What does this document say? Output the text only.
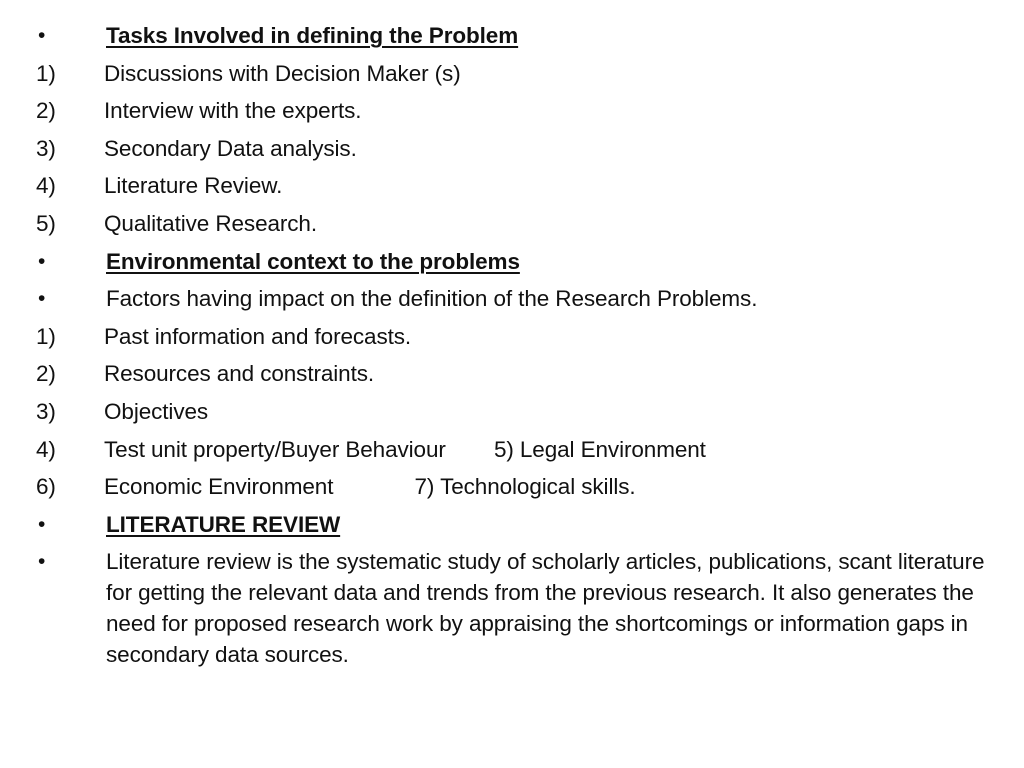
•	Tasks Involved in defining the Problem
1)	Discussions with Decision Maker (s)
2)	Interview with the experts.
3)	Secondary Data analysis.
4)	Literature Review.
5)	Qualitative Research.
•	Environmental context to the problems
•	Factors having impact on the definition of the Research Problems.
1)	Past information and forecasts.
2)	Resources and constraints.
3)	Objectives
4)	Test unit property/Buyer Behaviour 5) Legal Environment
6)	Economic Environment	7) Technological skills.
•	LITERATURE REVIEW
•	Literature review is the systematic study of scholarly articles, publications, scant literature for getting the relevant data and trends from the previous research. It also generates the need for proposed research work by appraising the shortcomings or information gaps in secondary data sources.
